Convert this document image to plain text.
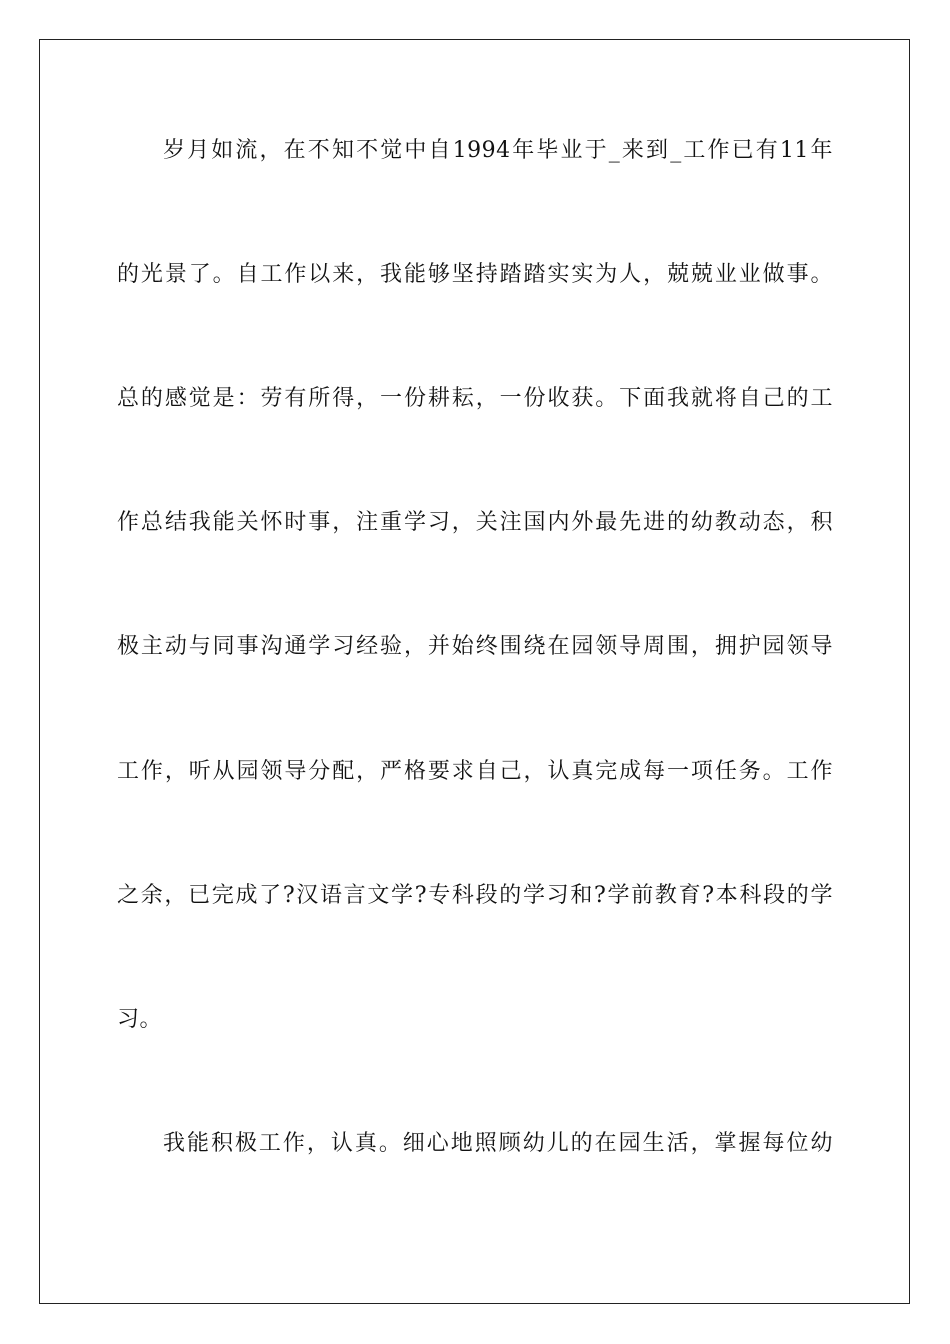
岁月如流，在不知不觉中自1994年毕业于_来到_工作已有11年
的光景了。自工作以来，我能够坚持踏踏实实为人，兢兢业业做事。
总的感觉是：劳有所得，一份耕耘，一份收获。下面我就将自己的工
作总结我能关怀时事，注重学习，关注国内外最先进的幼教动态，积
极主动与同事沟通学习经验，并始终围绕在园领导周围，拥护园领导
工作，听从园领导分配，严格要求自己，认真完成每一项任务。工作
之余，已完成了?汉语言文学?专科段的学习和?学前教育?本科段的学
习。
我能积极工作，认真。细心地照顾幼儿的在园生活，掌握每位幼
